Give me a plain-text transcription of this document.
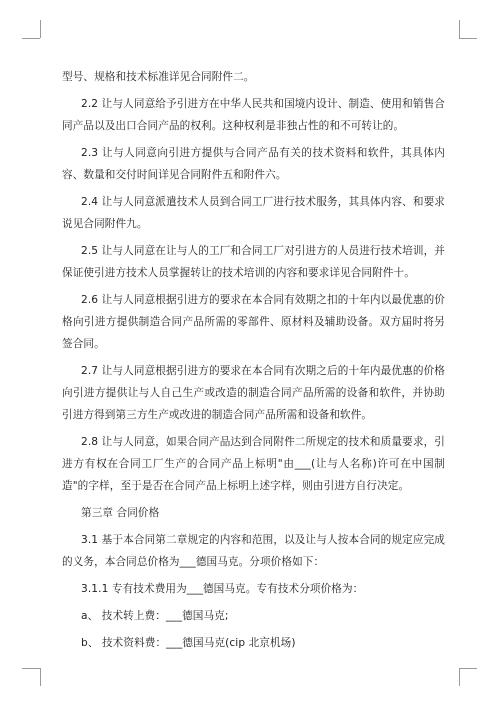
型号、规格和技术标准详见合同附件二。

2.2 让与人同意给予引进方在中华人民共和国境内设计、制造、使用和销售合同产品以及出口合同产品的权利。这种权利是非独占性的和不可转让的。

2.3 让与人同意向引进方提供与合同产品有关的技术资料和软件，其具体内容、数量和交付时间详见合同附件五和附件六。

2.4 让与人同意派遣技术人员到合同工厂进行技术服务，其具体内容、和要求说见合同附件九。

2.5 让与人同意在让与人的工厂和合同工厂对引进方的人员进行技术培训，并保证使引进方技术人员掌握转让的技术培训的内容和要求详见合同附件十。

2.6 让与人同意根据引进方的要求在本合同有效期之扣的十年内以最优惠的价格向引进方提供制造合同产品所需的零部件、原材料及辅助设备。双方届时将另签合同。

2.7 让与人同意根据引进方的要求在本合同有次期之后的十年内最优惠的价格向引进方提供让与人自己生产或改造的制造合同产品所需的设备和软件，并协助引进方得到第三方生产或改进的制造合同产品所需和设备和软件。

2.8 让与人同意，如果合同产品达到合同附件二所规定的技术和质量要求，引进方有权在合同工厂生产的合同产品上标明"由___(让与人名称)许可在中国制造"的字样，至于是否在合同产品上标明上述字样，则由引进方自行决定。

第三章 合同价格

3.1 基于本合同第二章规定的内容和范围，以及让与人按本合同的规定应完成的义务，本合同总价格为___德国马克。分项价格如下：

3.1.1 专有技术费用为___德国马克。专有技术分项价格为：

a、 技术转上费：___德国马克;

b、 技术资料费：___德国马克(cip 北京机场)
